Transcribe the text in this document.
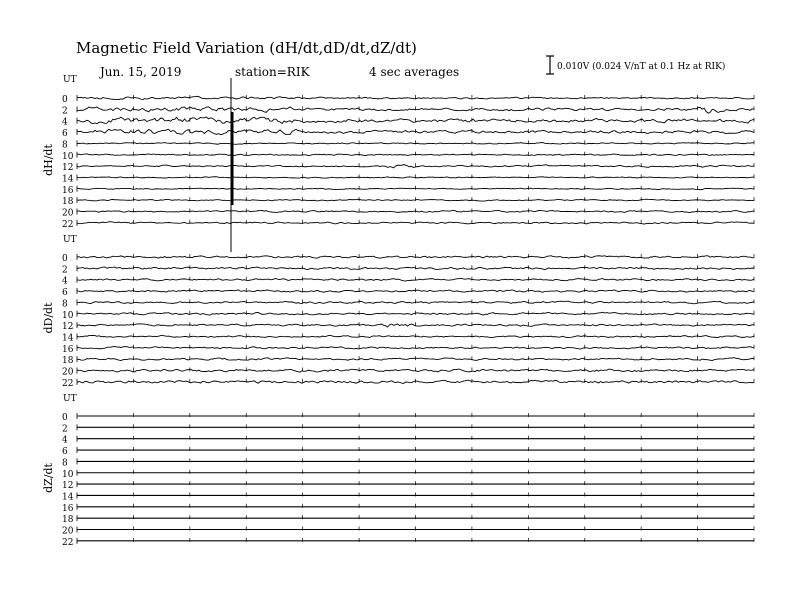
Magnetic Field Variation (dH/dt,dD/dt,dZ/dt)
Jun. 15, 2019	station=RIK	4 sec averages	0.010V (0.024 V/nT at 0.1 Hz at RIK)
UT
dH/dt
0
2
4
6
8
10
12
14
16
18
20
22
UT
dD/dt
0
2
4
6
8
10
12
14
16
18
20
22
UT
dZ/dt
0
2
4
6
8
10
12
14
16
18
20
22
